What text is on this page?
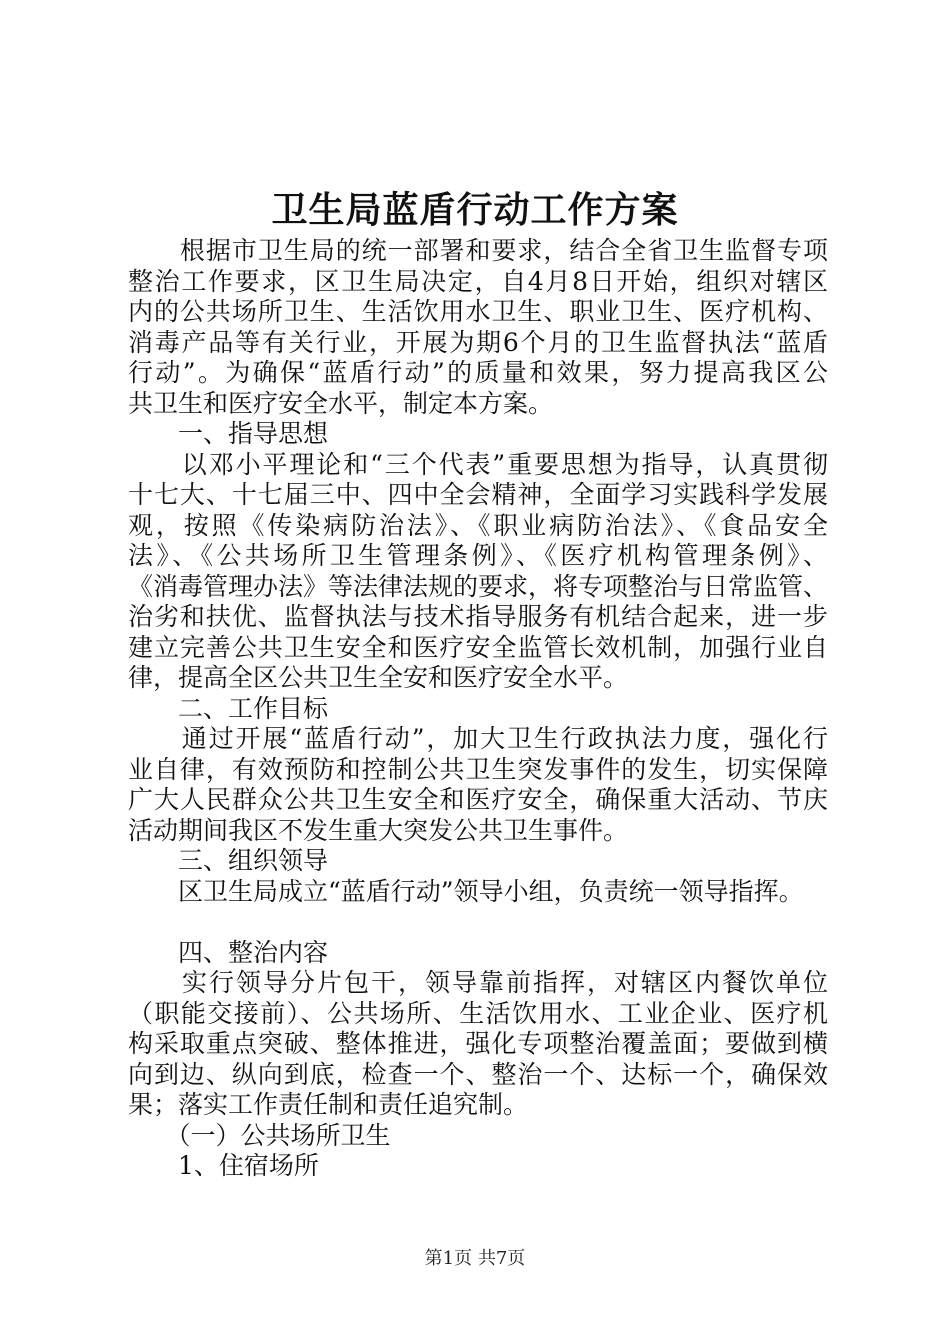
卫生局蓝盾行动工作方案
　　根据市卫生局的统一部署和要求，结合全省卫生监督专项
整治工作要求，区卫生局决定，自4月8日开始，组织对辖区
内的公共场所卫生、生活饮用水卫生、职业卫生、医疗机构、
消毒产品等有关行业，开展为期6个月的卫生监督执法“蓝盾
行动”。为确保“蓝盾行动”的质量和效果，努力提高我区公
共卫生和医疗安全水平，制定本方案。
　　一、指导思想
　　以邓小平理论和“三个代表”重要思想为指导，认真贯彻
十七大、十七届三中、四中全会精神，全面学习实践科学发展
观，按照《传染病防治法》、《职业病防治法》、《食品安全
法》、《公共场所卫生管理条例》、《医疗机构管理条例》、
《消毒管理办法》等法律法规的要求，将专项整治与日常监管、
治劣和扶优、监督执法与技术指导服务有机结合起来，进一步
建立完善公共卫生安全和医疗安全监管长效机制，加强行业自
律，提高全区公共卫生全安和医疗安全水平。
　　二、工作目标
　　通过开展“蓝盾行动”，加大卫生行政执法力度，强化行
业自律，有效预防和控制公共卫生突发事件的发生，切实保障
广大人民群众公共卫生安全和医疗安全，确保重大活动、节庆
活动期间我区不发生重大突发公共卫生事件。
　　三、组织领导
　　区卫生局成立“蓝盾行动”领导小组，负责统一领导指挥。
　　四、整治内容
　　实行领导分片包干，领导靠前指挥，对辖区内餐饮单位
（职能交接前）、公共场所、生活饮用水、工业企业、医疗机
构采取重点突破、整体推进，强化专项整治覆盖面；要做到横
向到边、纵向到底，检查一个、整治一个、达标一个，确保效
果；落实工作责任制和责任追究制。
　　（一）公共场所卫生
　　1、住宿场所
第1页 共7页
